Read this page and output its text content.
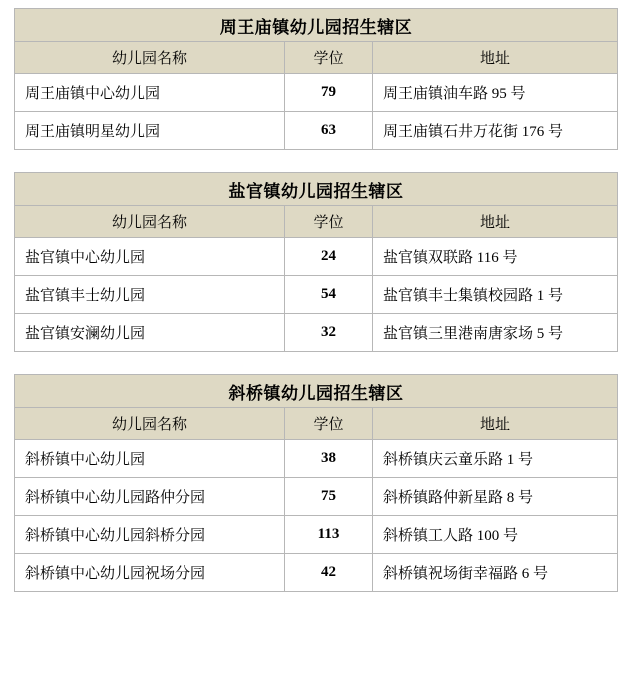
周王庙镇幼儿园招生辖区		
幼儿园名称	学位	地址
周王庙镇中心幼儿园	79	周王庙镇油车路 95 号
周王庙镇明星幼儿园	63	周王庙镇石井万花街 176 号
盐官镇幼儿园招生辖区		
幼儿园名称	学位	地址
盐官镇中心幼儿园	24	盐官镇双联路 116 号
盐官镇丰士幼儿园	54	盐官镇丰士集镇校园路 1 号
盐官镇安澜幼儿园	32	盐官镇三里港南唐家场 5 号
斜桥镇幼儿园招生辖区		
幼儿园名称	学位	地址
斜桥镇中心幼儿园	38	斜桥镇庆云童乐路 1 号
斜桥镇中心幼儿园路仲分园	75	斜桥镇路仲新星路 8 号
斜桥镇中心幼儿园斜桥分园	113	斜桥镇工人路 100 号
斜桥镇中心幼儿园祝场分园	42	斜桥镇祝场街幸福路 6 号
